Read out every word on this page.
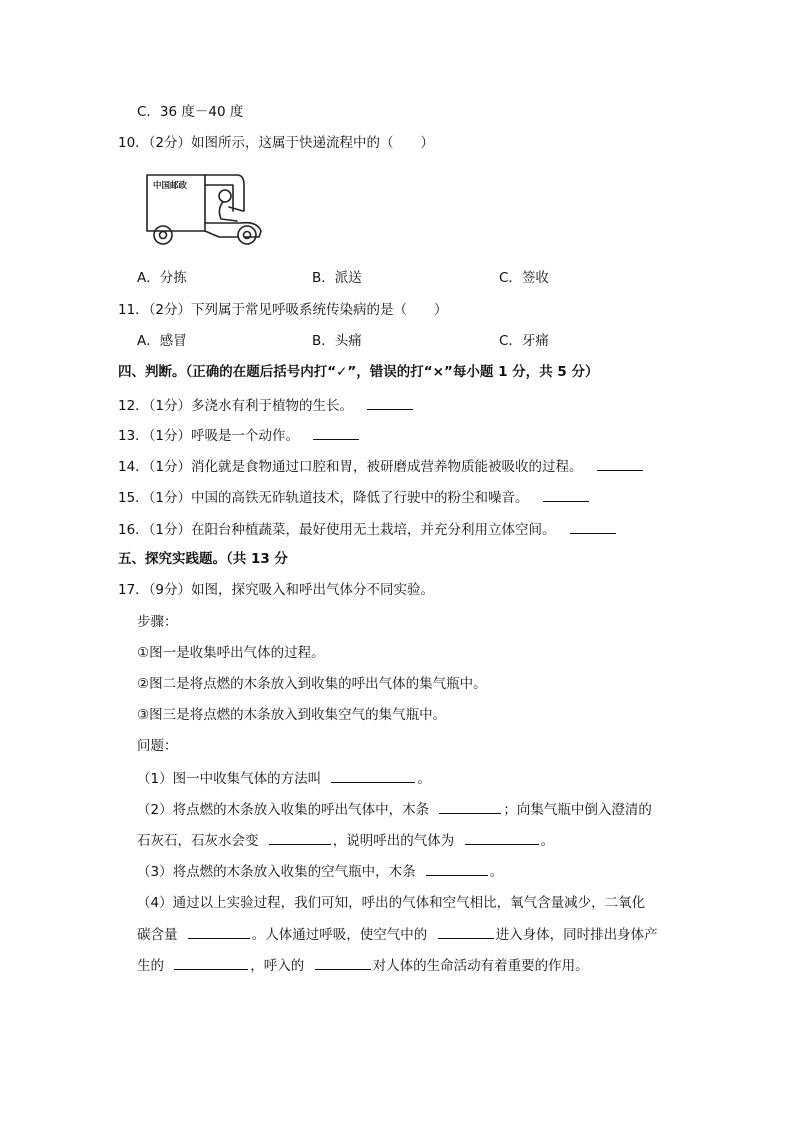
C．36 度－40 度
10．（2分）如图所示，这属于快递流程中的（　　）
中国邮政
A．分拣	B．派送	C．签收
11．（2分）下列属于常见呼吸系统传染病的是（　　）
A．感冒	B．头痛	C．牙痛
四、判断。（正确的在题后括号内打“✓”，错误的打“×”每小题 1 分，共 5 分）
12．（1分）多浇水有利于植物的生长。
13．（1分）呼吸是一个动作。
14．（1分）消化就是食物通过口腔和胃，被研磨成营养物质能被吸收的过程。
15．（1分）中国的高铁无砟轨道技术，降低了行驶中的粉尘和噪音。
16．（1分）在阳台种植蔬菜，最好使用无土栽培，并充分利用立体空间。
五、探究实践题。（共 13 分
17．（9分）如图，探究吸入和呼出气体分不同实验。
步骤：
①图一是收集呼出气体的过程。
②图二是将点燃的木条放入到收集的呼出气体的集气瓶中。
③图三是将点燃的木条放入到收集空气的集气瓶中。
问题：
（1）图一中收集气体的方法叫	。
（2）将点燃的木条放入收集的呼出气体中，木条	；向集气瓶中倒入澄清的
石灰石，石灰水会变	，说明呼出的气体为	。
（3）将点燃的木条放入收集的空气瓶中，木条	。
（4）通过以上实验过程，我们可知，呼出的气体和空气相比，氧气含量减少，二氧化
碳含量	。人体通过呼吸，使空气中的	进入身体，同时排出身体产
生的	，呼入的	对人体的生命活动有着重要的作用。
